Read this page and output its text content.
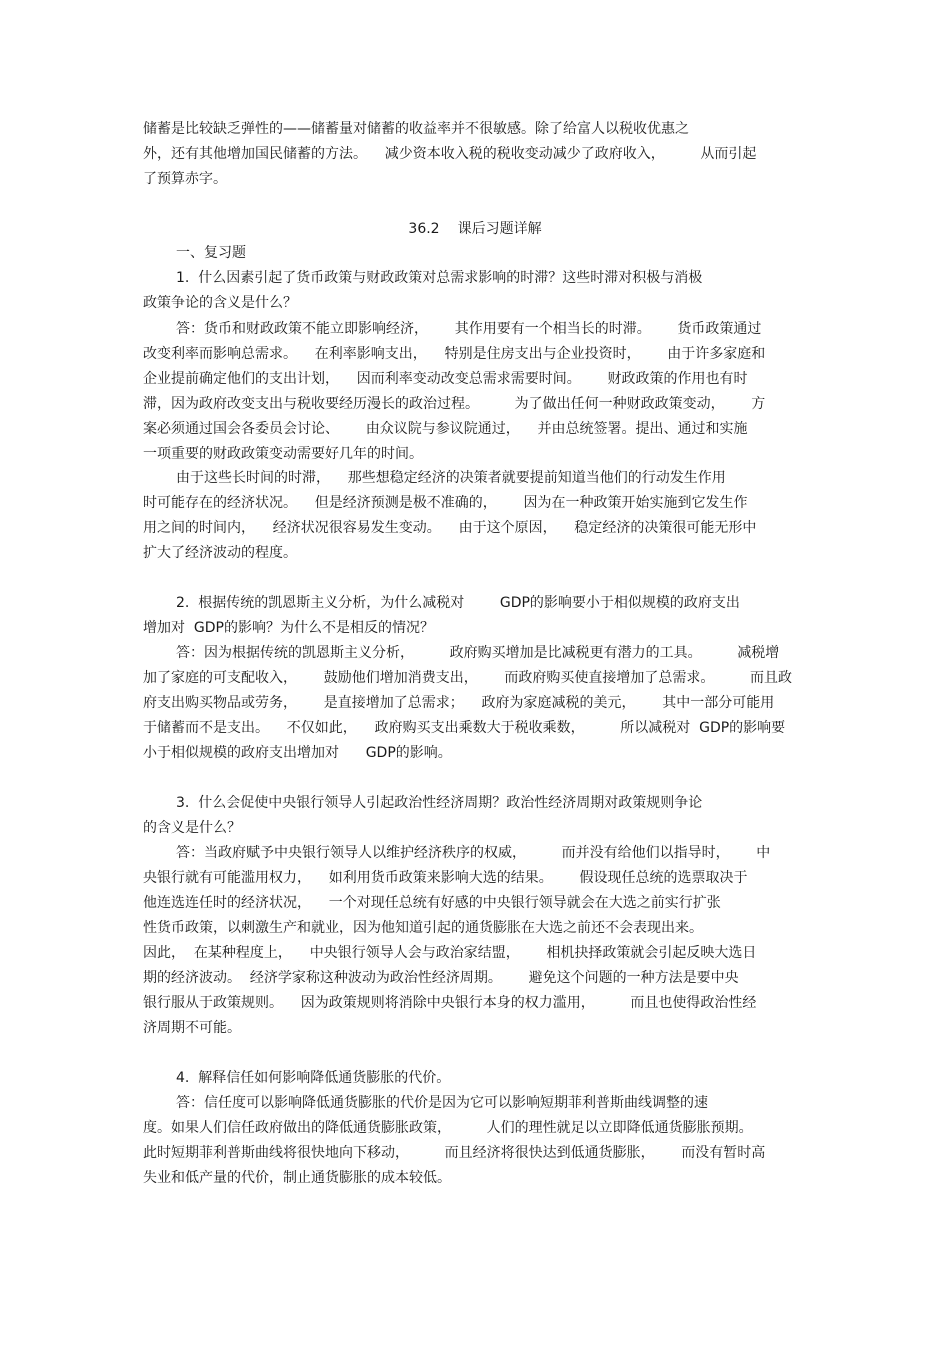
储蓄是比较缺乏弹性的——储蓄量对储蓄的收益率并不很敏感。除了给富人以税收优惠之
外，还有其他增加国民储蓄的方法。    减少资本收入税的税收变动减少了政府收入，        从而引起
了预算赤字。
36.2 课后习题详解
一、复习题
1.  什么因素引起了货币政策与财政政策对总需求影响的时滞？这些时滞对积极与消极
政策争论的含义是什么？
答：货币和财政政策不能立即影响经济，      其作用要有一个相当长的时滞。      货币政策通过
改变利率而影响总需求。    在利率影响支出，    特别是住房支出与企业投资时，      由于许多家庭和
企业提前确定他们的支出计划，    因而利率变动改变总需求需要时间。      财政政策的作用也有时
滞，因为政府改变支出与税收要经历漫长的政治过程。        为了做出任何一种财政政策变动，      方
案必须通过国会各委员会讨论、      由众议院与参议院通过，    并由总统签署。提出、通过和实施
一项重要的财政政策变动需要好几年的时间。
由于这些长时间的时滞，    那些想稳定经济的决策者就要提前知道当他们的行动发生作用
时可能存在的经济状况。    但是经济预测是极不准确的，      因为在一种政策开始实施到它发生作
用之间的时间内，    经济状况很容易发生变动。    由于这个原因，    稳定经济的决策很可能无形中
扩大了经济波动的程度。
2.  根据传统的凯恩斯主义分析，为什么减税对        GDP的影响要小于相似规模的政府支出
增加对  GDP的影响？为什么不是相反的情况？
答：因为根据传统的凯恩斯主义分析，        政府购买增加是比减税更有潜力的工具。        减税增
加了家庭的可支配收入，      鼓励他们增加消费支出，      而政府购买使直接增加了总需求。        而且政
府支出购买物品或劳务，      是直接增加了总需求；    政府为家庭减税的美元，      其中一部分可能用
于储蓄而不是支出。    不仅如此，    政府购买支出乘数大于税收乘数，        所以减税对  GDP的影响要
小于相似规模的政府支出增加对      GDP的影响。
3.  什么会促使中央银行领导人引起政治性经济周期？政治性经济周期对政策规则争论
的含义是什么？
答：当政府赋予中央银行领导人以维护经济秩序的权威，        而并没有给他们以指导时，      中
央银行就有可能滥用权力，    如利用货币政策来影响大选的结果。      假设现任总统的选票取决于
他连选连任时的经济状况，    一个对现任总统有好感的中央银行领导就会在大选之前实行扩张
性货币政策，以刺激生产和就业，因为他知道引起的通货膨胀在大选之前还不会表现出来。
因此，  在某种程度上，    中央银行领导人会与政治家结盟，      相机抉择政策就会引起反映大选日
期的经济波动。  经济学家称这种波动为政治性经济周期。      避免这个问题的一种方法是要中央
银行服从于政策规则。    因为政策规则将消除中央银行本身的权力滥用，        而且也使得政治性经
济周期不可能。
4.  解释信任如何影响降低通货膨胀的代价。
答：信任度可以影响降低通货膨胀的代价是因为它可以影响短期菲利普斯曲线调整的速
度。如果人们信任政府做出的降低通货膨胀政策，        人们的理性就足以立即降低通货膨胀预期。
此时短期菲利普斯曲线将很快地向下移动，        而且经济将很快达到低通货膨胀，      而没有暂时高
失业和低产量的代价，制止通货膨胀的成本较低。
